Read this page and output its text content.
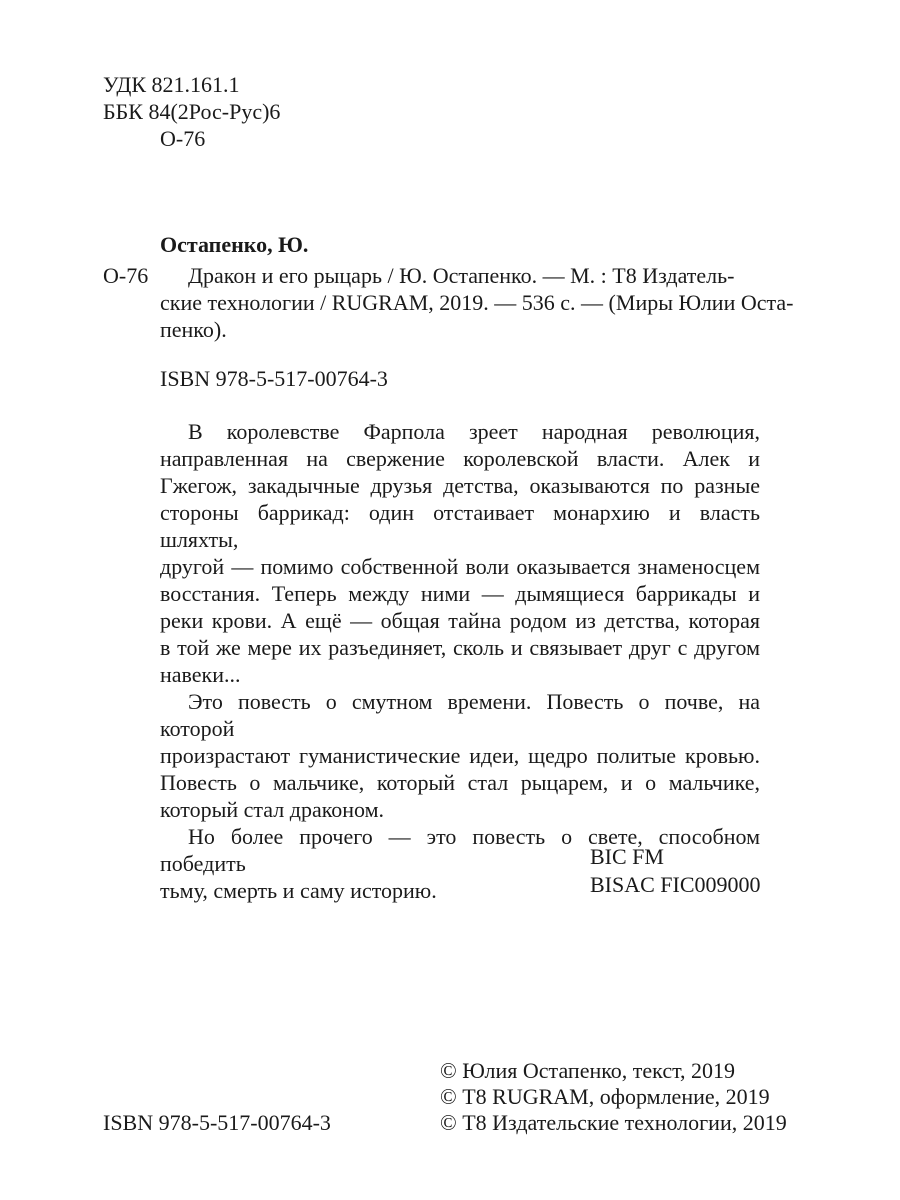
УДК 821.161.1
ББК 84(2Рос-Рус)6
О-76
Остапенко, Ю.
О-76 Дракон и его рыцарь / Ю. Остапенко. — М. : Т8 Издатель-
ские технологии / RUGRAM, 2019. — 536 с. — (Миры Юлии Оста-
пенко).
ISBN 978-5-517-00764-3
В королевстве Фарпола зреет народная революция,
направленная на свержение королевской власти. Алек и
Гжегож, закадычные друзья детства, оказываются по разные
стороны баррикад: один отстаивает монархию и власть шляхты,
другой — помимо собственной воли оказывается знаменосцем
восстания. Теперь между ними — дымящиеся баррикады и
реки крови. А ещё — общая тайна родом из детства, которая
в той же мере их разъединяет, сколь и связывает друг с другом
навеки...
Это повесть о смутном времени. Повесть о почве, на которой
произрастают гуманистические идеи, щедро политые кровью.
Повесть о мальчике, который стал рыцарем, и о мальчике,
который стал драконом.
Но более прочего — это повесть о свете, способном победить
тьму, смерть и саму историю.
BIC FM
BISAC FIC009000
ISBN 978-5-517-00764-3
© Юлия Остапенко, текст, 2019
© Т8 RUGRAM, оформление, 2019
© Т8 Издательские технологии, 2019
